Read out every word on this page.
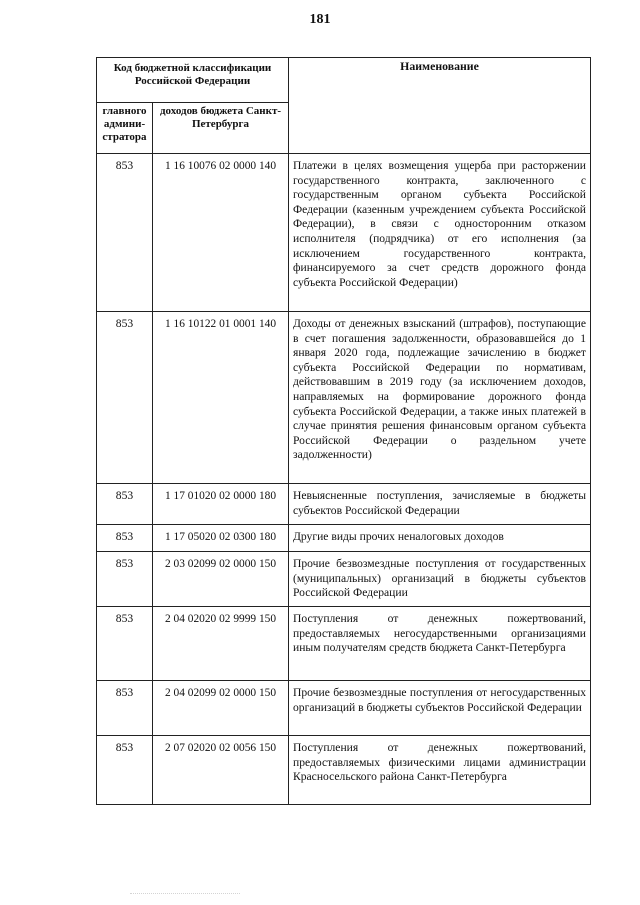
181
Код бюджетной классификации Российской Федерации		Наименование
главного админи-стратора	доходов бюджета Санкт-Петербурга	
853	1 16 10076 02 0000 140	Платежи в целях возмещения ущерба при расторжении государственного контракта, заключенного с государственным органом субъекта Российской Федерации (казенным учреждением субъекта Российской Федерации), в связи с односторонним отказом исполнителя (подрядчика) от его исполнения (за исключением государственного контракта, финансируемого за счет средств дорожного фонда субъекта Российской Федерации)
853	1 16 10122 01 0001 140	Доходы от денежных взысканий (штрафов), поступающие в счет погашения задолженности, образовавшейся до 1 января 2020 года, подлежащие зачислению в бюджет субъекта Российской Федерации по нормативам, действовавшим в 2019 году (за исключением доходов, направляемых на формирование дорожного фонда субъекта Российской Федерации, а также иных платежей в случае принятия решения финансовым органом субъекта Российской Федерации о раздельном учете задолженности)
853	1 17 01020 02 0000 180	Невыясненные поступления, зачисляемые в бюджеты субъектов Российской Федерации
853	1 17 05020 02 0300 180	Другие виды прочих неналоговых доходов
853	2 03 02099 02 0000 150	Прочие безвозмездные поступления от государственных (муниципальных) организаций в бюджеты субъектов Российской Федерации
853	2 04 02020 02 9999 150	Поступления от денежных пожертвований, предоставляемых негосударственными организациями иным получателям средств бюджета Санкт-Петербурга
853	2 04 02099 02 0000 150	Прочие безвозмездные поступления от негосударственных организаций в бюджеты субъектов Российской Федерации
853	2 07 02020 02 0056 150	Поступления от денежных пожертвований, предоставляемых физическими лицами администрации Красносельского района Санкт-Петербурга
